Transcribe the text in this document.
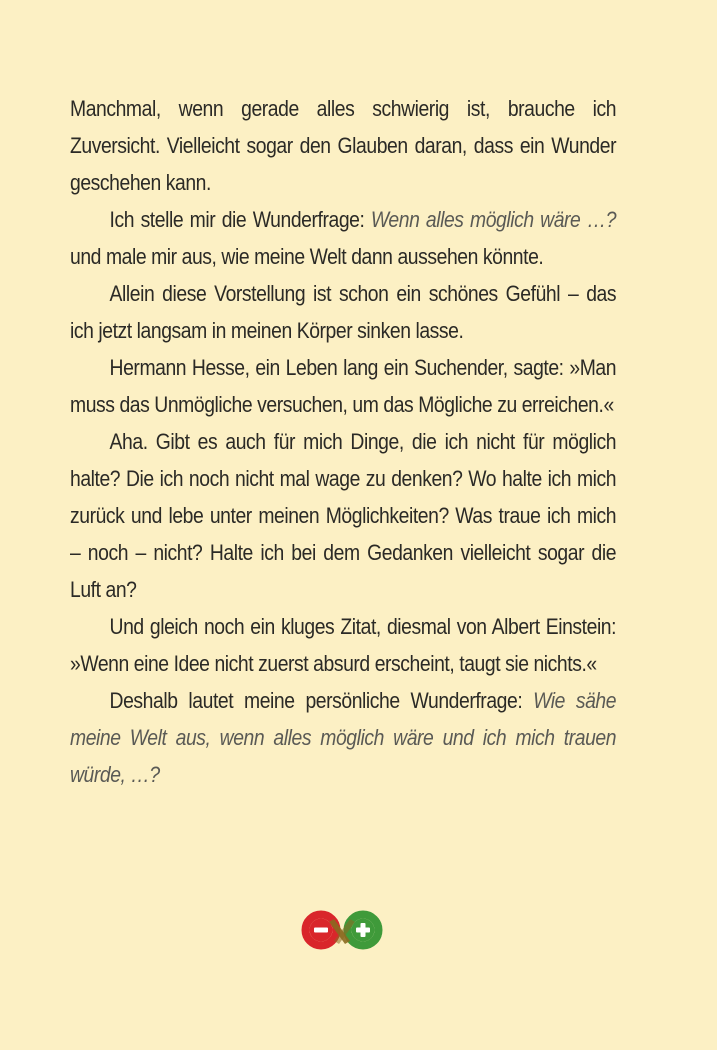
Manchmal, wenn gerade alles schwierig ist, brauche ich Zuversicht. Vielleicht sogar den Glauben daran, dass ein Wunder geschehen kann.

Ich stelle mir die Wunderfrage: Wenn alles möglich wäre …? und male mir aus, wie meine Welt dann aussehen könnte.

Allein diese Vorstellung ist schon ein schönes Gefühl – das ich jetzt langsam in meinen Körper sinken lasse.

Hermann Hesse, ein Leben lang ein Suchender, sagte: »Man muss das Unmögliche versuchen, um das Mögliche zu erreichen.«

Aha. Gibt es auch für mich Dinge, die ich nicht für möglich halte? Die ich noch nicht mal wage zu denken? Wo halte ich mich zurück und lebe unter meinen Möglichkeiten? Was traue ich mich – noch – nicht? Halte ich bei dem Gedanken vielleicht sogar die Luft an?

Und gleich noch ein kluges Zitat, diesmal von Albert Einstein: »Wenn eine Idee nicht zuerst absurd erscheint, taugt sie nichts.«

Deshalb lautet meine persönliche Wunderfrage: Wie sähe meine Welt aus, wenn alles möglich wäre und ich mich trauen würde, …?
